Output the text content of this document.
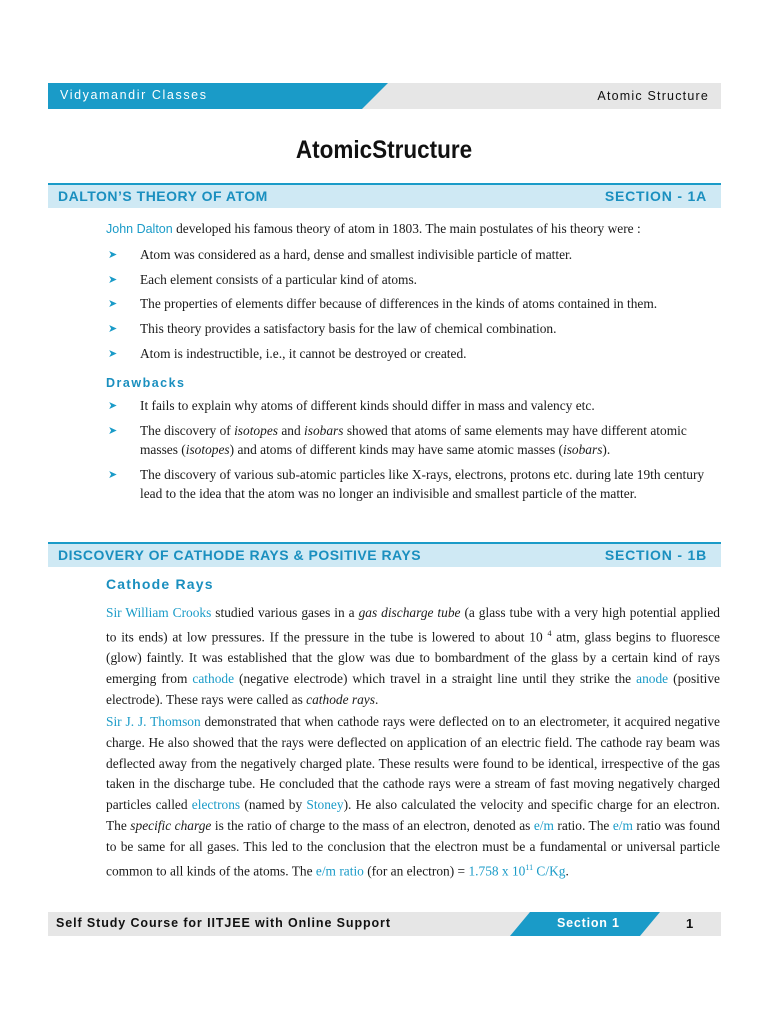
Vidyamandir Classes	Atomic Structure
AtomicStructure
DALTON’S THEORY OF ATOM	SECTION - 1A
John Dalton developed his famous theory of atom in 1803. The main postulates of his theory were :
➤ Atom was considered as a hard, dense and smallest indivisible particle of matter.
➤ Each element consists of a particular kind of atoms.
➤ The properties of elements differ because of differences in the kinds of atoms contained in them.
➤ This theory provides a satisfactory basis for the law of chemical combination.
➤ Atom is indestructible, i.e., it cannot be destroyed or created.
Drawbacks
➤ It fails to explain why atoms of different kinds should differ in mass and valency etc.
➤ The discovery of isotopes and isobars showed that atoms of same elements may have different atomic masses (isotopes) and atoms of different kinds may have same atomic masses (isobars).
➤ The discovery of various sub-atomic particles like X-rays, electrons, protons etc. during late 19th century lead to the idea that the atom was no longer an indivisible and smallest particle of the matter.
DISCOVERY OF CATHODE RAYS & POSITIVE RAYS	SECTION - 1B
Cathode Rays
Sir William Crooks studied various gases in a gas discharge tube (a glass tube with a very high potential applied to its ends) at low pressures. If the pressure in the tube is lowered to about 10 $^4$ atm, glass begins to fluoresce (glow) faintly. It was established that the glow was due to bombardment of the glass by a certain kind of rays emerging from cathode (negative electrode) which travel in a straight line until they strike the anode (positive electrode). These rays were called as cathode rays.
Sir J. J. Thomson demonstrated that when cathode rays were deflected on to an electrometer, it acquired negative charge. He also showed that the rays were deflected on application of an electric field. The cathode ray beam was deflected away from the negatively charged plate. These results were found to be identical, irrespective of the gas taken in the discharge tube. He concluded that the cathode rays were a stream of fast moving negatively charged particles called electrons (named by Stoney). He also calculated the velocity and specific charge for an electron. The specific charge is the ratio of charge to the mass of an electron, denoted as e/m ratio. The e/m ratio was found to be same for all gases. This led to the conclusion that the electron must be a fundamental or universal particle common to all kinds of the atoms. The e/m ratio (for an electron) = 1.758 x $10^{11}$ C/Kg.
Self Study Course for IITJEE with Online Support	Section 1	1
